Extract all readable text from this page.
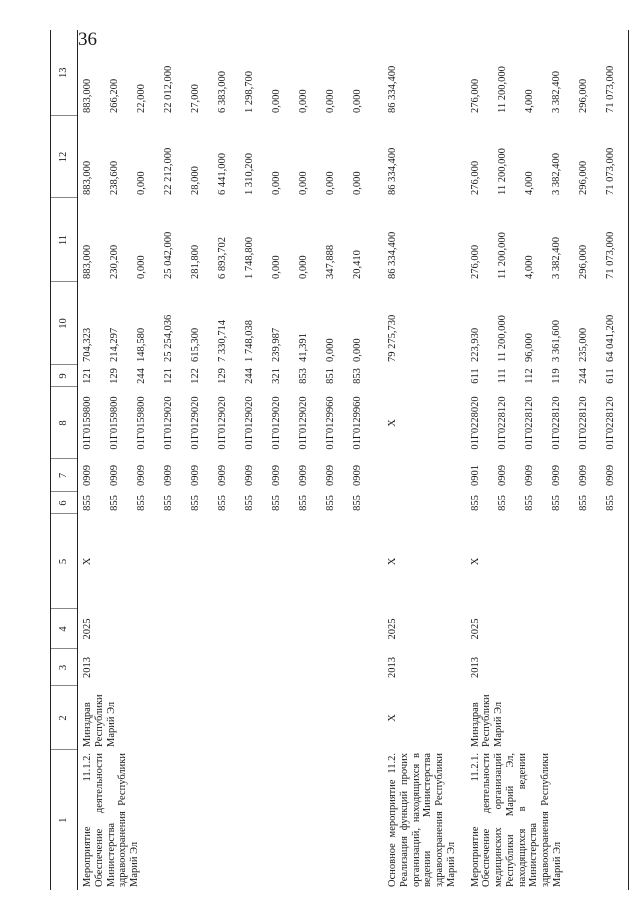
36
1	2	3	4	5	6	7	8	9	10	11	12	13
Мероприятие 11.1.2. Обеспечение деятельности Министерства здравоохранения Республики Марий Эл	Минздрав Республики Марий Эл	2013	2025	X	855	0909	01Г0159800	121	704,323	883,000	883,000	883,000
					855	0909	01Г0159800	129	214,297	230,200	238,600	266,200
					855	0909	01Г0159800	244	148,580	0,000	0,000	22,000
					855	0909	01Г0129020	121	25 254,036	25 042,000	22 212,000	22 012,000
					855	0909	01Г0129020	122	615,300	281,800	28,000	27,000
					855	0909	01Г0129020	129	7 330,714	6 893,702	6 441,000	6 383,000
					855	0909	01Г0129020	244	1 748,038	1 748,800	1 310,200	1 298,700
					855	0909	01Г0129020	321	239,987	0,000	0,000	0,000
					855	0909	01Г0129020	853	41,391	0,000	0,000	0,000
					855	0909	01Г0129960	851	0,000	347,888	0,000	0,000
					855	0909	01Г0129960	853	0,000	20,410	0,000	0,000

Основное мероприятие 11.2. Реализация функций прочих организаций, находящихся в ведении Министерства здравоохранения Республики Марий Эл	X	2013	2025	X			X		79 275,730	86 334,400	86 334,400	86 334,400

Мероприятие 11.2.1. Обеспечение деятельности медицинских организаций Республики Марий Эл, находящихся в ведении Министерства здравоохранения Республики Марий Эл	Минздрав Республики Марий Эл	2013	2025	X	855	0901	01Г0228020	611	223,930	276,000	276,000	276,000
					855	0909	01Г0228120	111	11 200,000	11 200,000	11 200,000	11 200,000
					855	0909	01Г0228120	112	96,000	4,000	4,000	4,000
					855	0909	01Г0228120	119	3 361,600	3 382,400	3 382,400	3 382,400
					855	0909	01Г0228120	244	235,000	296,000	296,000	296,000
					855	0909	01Г0228120	611	64 041,200	71 073,000	71 073,000	71 073,000
